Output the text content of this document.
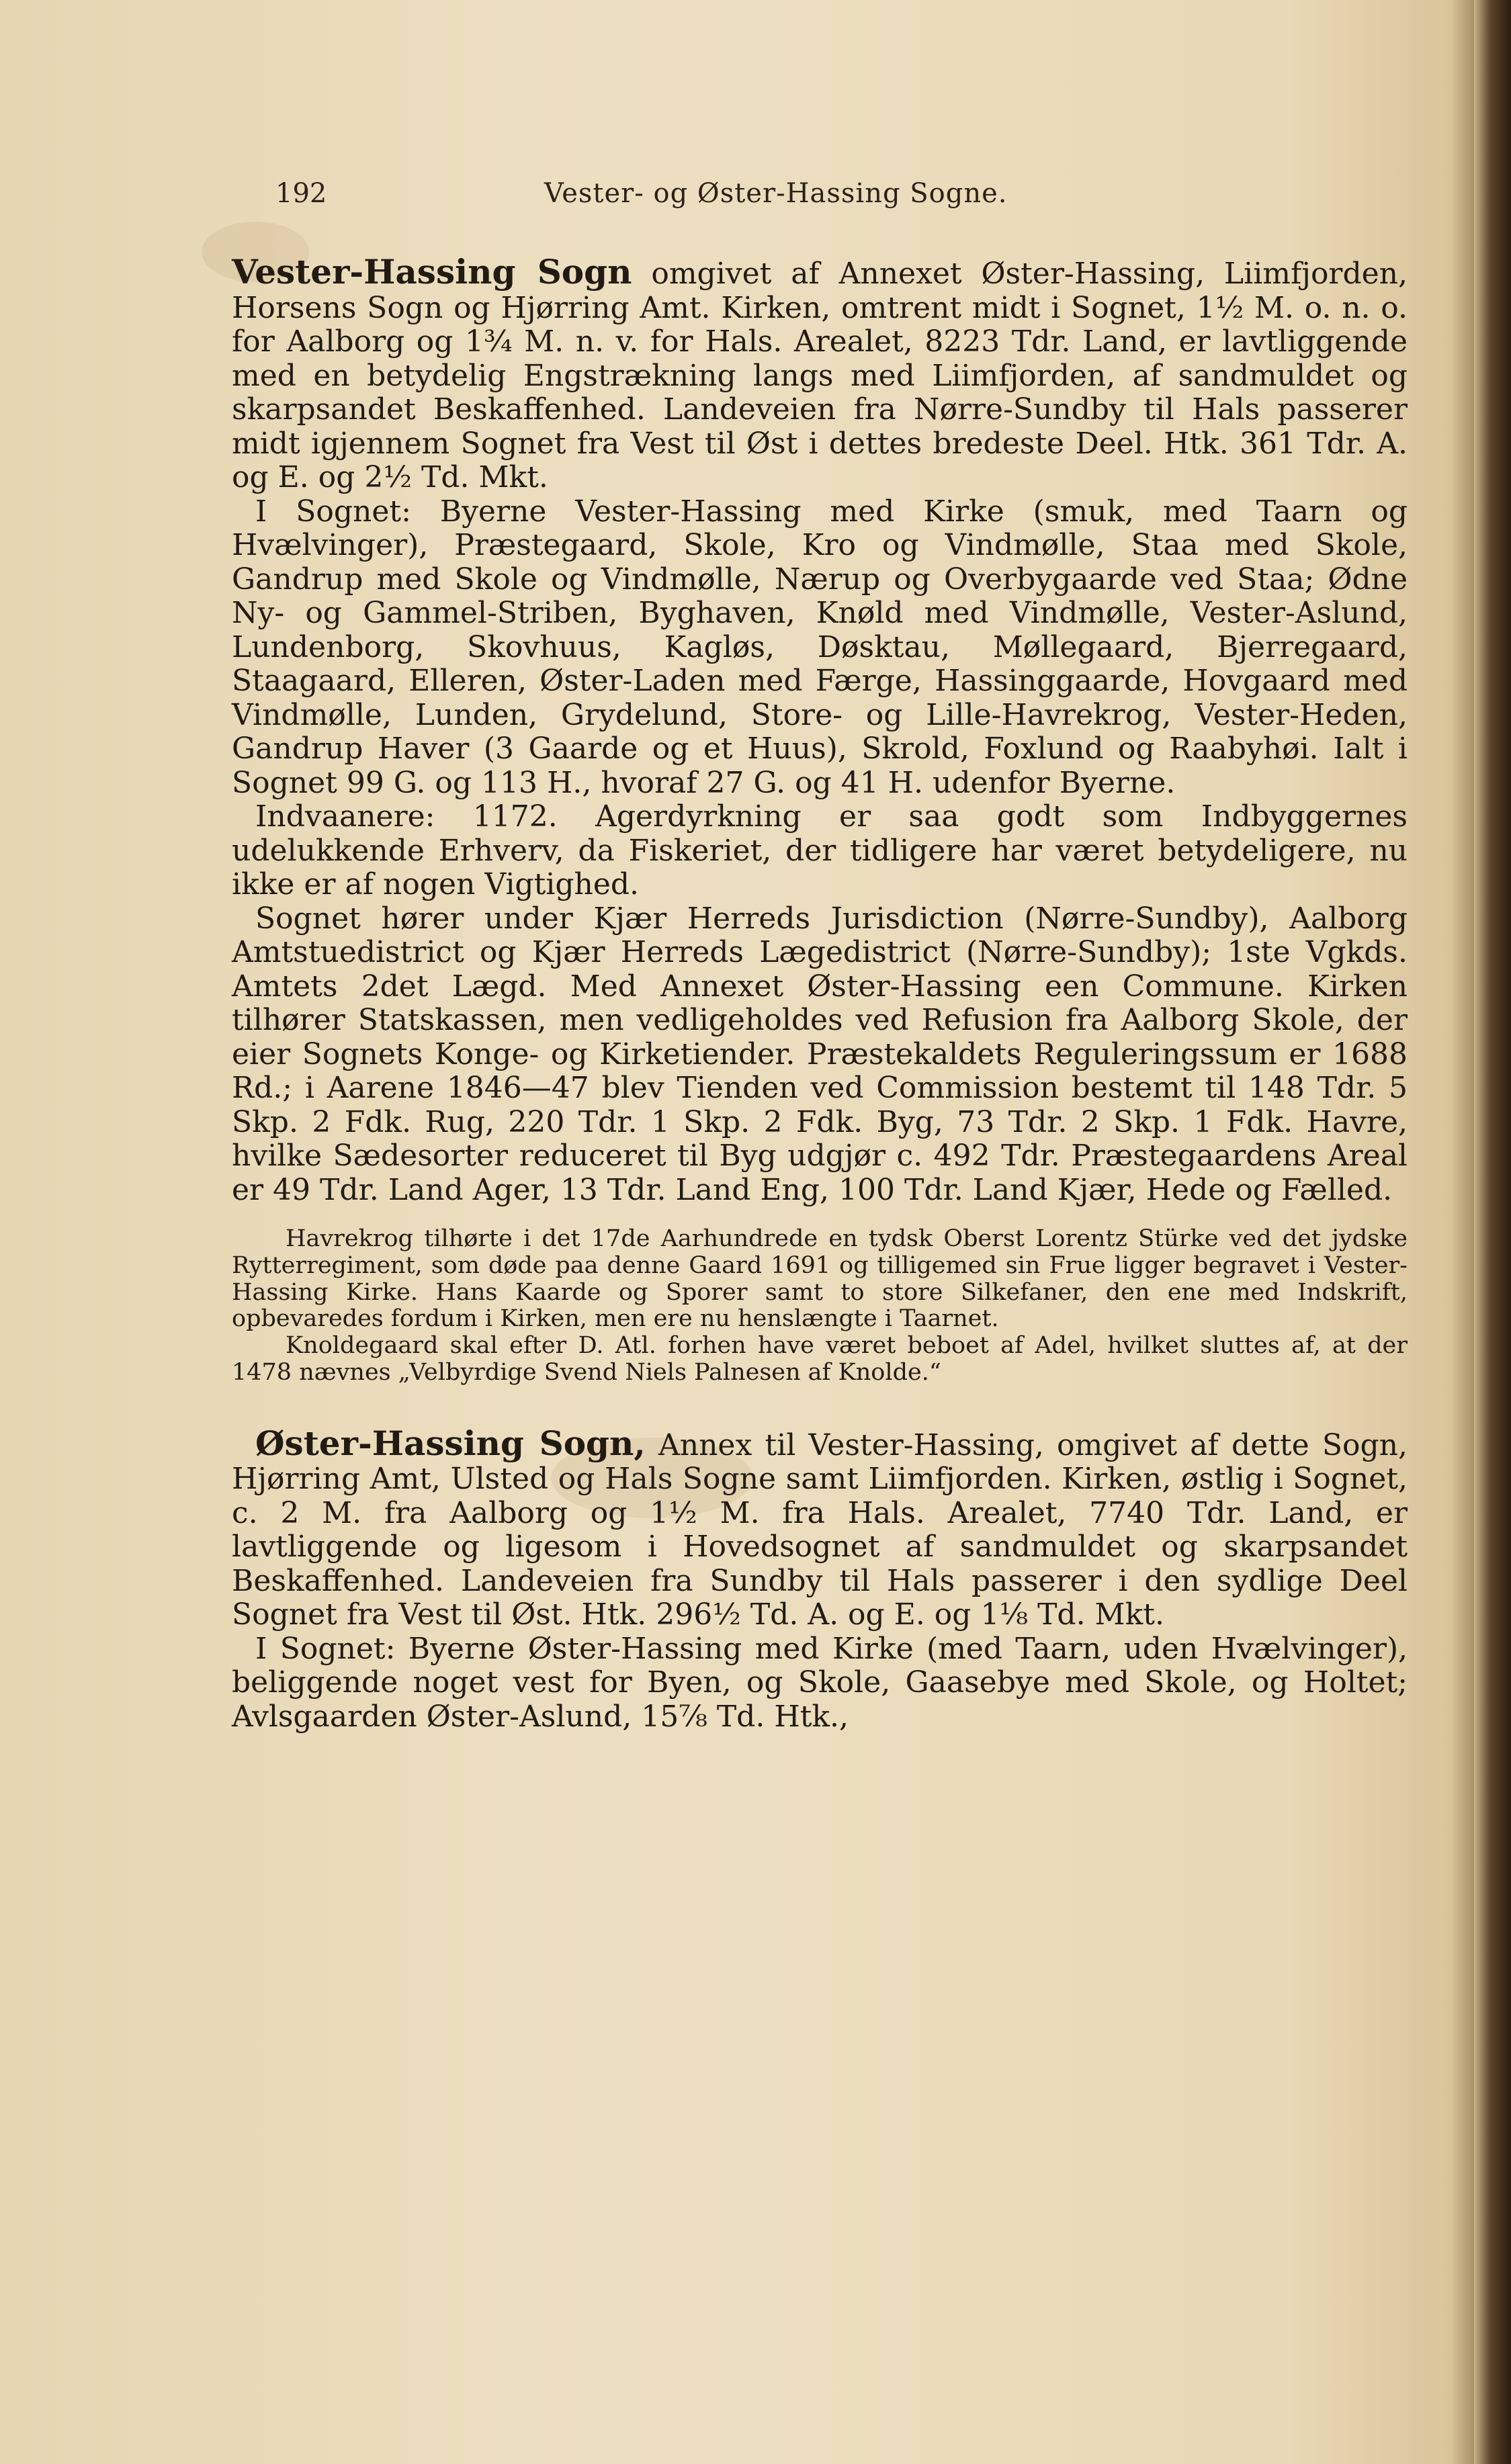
192	Vester- og Øster-Hassing Sogne.

Vester-Hassing Sogn omgivet af Annexet Øster-Hassing, Liimfjorden, Horsens Sogn og Hjørring Amt. Kirken, omtrent midt i Sognet, 1½ M. o. n. o. for Aalborg og 1¾ M. n. v. for Hals. Arealet, 8223 Tdr. Land, er lavtliggende med en betydelig Engstrækning langs med Liimfjorden, af sandmuldet og skarpsandet Beskaffenhed. Landeveien fra Nørre-Sundby til Hals passerer midt igjennem Sognet fra Vest til Øst i dettes bredeste Deel. Htk. 361 Tdr. A. og E. og 2½ Td. Mkt.

I Sognet: Byerne Vester-Hassing med Kirke (smuk, med Taarn og Hvælvinger), Præstegaard, Skole, Kro og Vindmølle, Staa med Skole, Gandrup med Skole og Vindmølle, Nærup og Overbygaarde ved Staa; Ødne Ny- og Gammel-Striben, Byghaven, Knøld med Vindmølle, Vester-Aslund, Lundenborg, Skovhuus, Kagløs, Døsktau, Møllegaard, Bjerregaard, Staagaard, Elleren, Øster-Laden med Færge, Hassinggaarde, Hovgaard med Vindmølle, Lunden, Grydelund, Store- og Lille-Havrekrog, Vester-Heden, Gandrup Haver (3 Gaarde og et Huus), Skrold, Foxlund og Raabyhøi. Ialt i Sognet 99 G. og 113 H., hvoraf 27 G. og 41 H. udenfor Byerne.

Indvaanere: 1172. Agerdyrkning er saa godt som Indbyggernes udelukkende Erhverv, da Fiskeriet, der tidligere har været betydeligere, nu ikke er af nogen Vigtighed.

Sognet hører under Kjær Herreds Jurisdiction (Nørre-Sundby), Aalborg Amtstuedistrict og Kjær Herreds Lægedistrict (Nørre-Sundby); 1ste Vgkds. Amtets 2det Lægd. Med Annexet Øster-Hassing een Commune. Kirken tilhører Statskassen, men vedligeholdes ved Refusion fra Aalborg Skole, der eier Sognets Konge- og Kirketiender. Præstekaldets Reguleringssum er 1688 Rd.; i Aarene 1846—47 blev Tienden ved Commission bestemt til 148 Tdr. 5 Skp. 2 Fdk. Rug, 220 Tdr. 1 Skp. 2 Fdk. Byg, 73 Tdr. 2 Skp. 1 Fdk. Havre, hvilke Sædesorter reduceret til Byg udgjør c. 492 Tdr. Præstegaardens Areal er 49 Tdr. Land Ager, 13 Tdr. Land Eng, 100 Tdr. Land Kjær, Hede og Fælled.

Havrekrog tilhørte i det 17de Aarhundrede en tydsk Oberst Lorentz Stürke ved det jydske Rytterregiment, som døde paa denne Gaard 1691 og tilligemed sin Frue ligger begravet i Vester-Hassing Kirke. Hans Kaarde og Sporer samt to store Silkefaner, den ene med Indskrift, opbevaredes fordum i Kirken, men ere nu henslængte i Taarnet.

Knoldegaard skal efter D. Atl. forhen have været beboet af Adel, hvilket sluttes af, at der 1478 nævnes „Velbyrdige Svend Niels Palnesen af Knolde.“

Øster-Hassing Sogn, Annex til Vester-Hassing, omgivet af dette Sogn, Hjørring Amt, Ulsted og Hals Sogne samt Liimfjorden. Kirken, østlig i Sognet, c. 2 M. fra Aalborg og 1½ M. fra Hals. Arealet, 7740 Tdr. Land, er lavtliggende og ligesom i Hovedsognet af sandmuldet og skarpsandet Beskaffenhed. Landeveien fra Sundby til Hals passerer i den sydlige Deel Sognet fra Vest til Øst. Htk. 296½ Td. A. og E. og 1⅛ Td. Mkt.

I Sognet: Byerne Øster-Hassing med Kirke (med Taarn, uden Hvælvinger), beliggende noget vest for Byen, og Skole, Gaasebye med Skole, og Holtet; Avlsgaarden Øster-Aslund, 15⅞ Td. Htk.,
